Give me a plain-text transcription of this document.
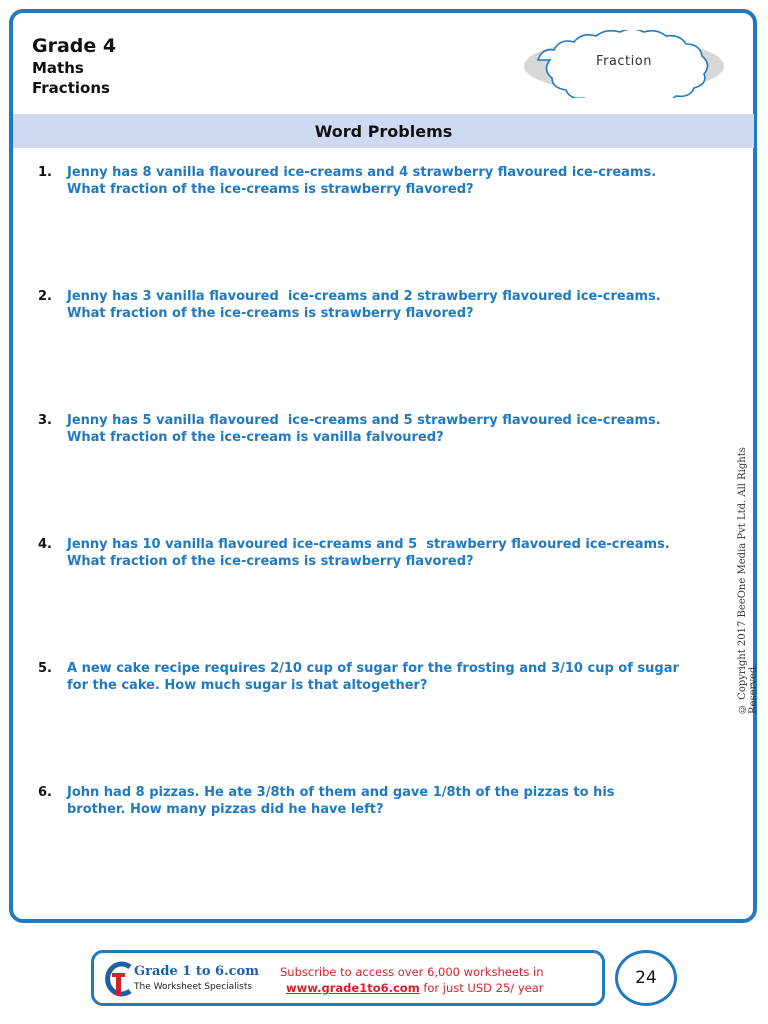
Grade 4
Maths
Fractions
Fraction
Word Problems
1.	Jenny has 8 vanilla flavoured ice-creams and 4 strawberry flavoured ice-creams.
What fraction of the ice-creams is strawberry flavored?
2.	Jenny has 3 vanilla flavoured  ice-creams and 2 strawberry flavoured ice-creams.
What fraction of the ice-creams is strawberry flavored?
3.	Jenny has 5 vanilla flavoured  ice-creams and 5 strawberry flavoured ice-creams.
What fraction of the ice-cream is vanilla falvoured?
4.	Jenny has 10 vanilla flavoured ice-creams and 5  strawberry flavoured ice-creams.
What fraction of the ice-creams is strawberry flavored?
5.	A new cake recipe requires 2/10 cup of sugar for the frosting and 3/10 cup of sugar
for the cake. How much sugar is that altogether?
6.	John had 8 pizzas. He ate 3/8th of them and gave 1/8th of the pizzas to his
brother. How many pizzas did he have left?
© Copyright 2017 BeeOne Media Pvt Ltd. All Rights Reserved.
Grade 1 to 6.com
The Worksheet Specialists
Subscribe to access over 6,000 worksheets in
www.grade1to6.com for just USD 25/ year	24
